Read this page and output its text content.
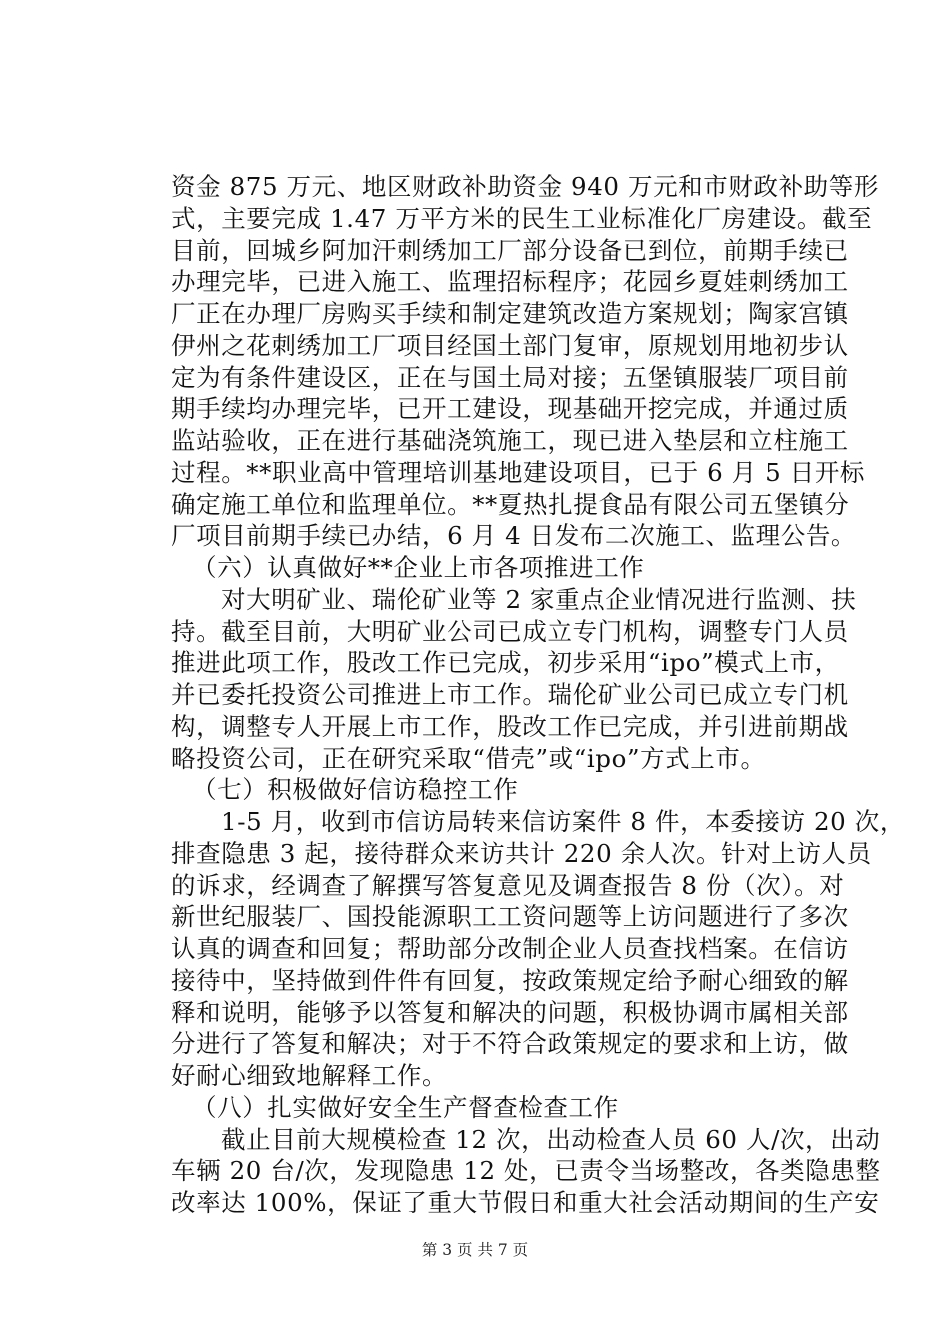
资金 875 万元、地区财政补助资金 940 万元和市财政补助等形
式，主要完成 1.47 万平方米的民生工业标准化厂房建设。截至
目前，回城乡阿加汗刺绣加工厂部分设备已到位，前期手续已
办理完毕，已进入施工、监理招标程序；花园乡夏娃刺绣加工
厂正在办理厂房购买手续和制定建筑改造方案规划；陶家宫镇
伊州之花刺绣加工厂项目经国土部门复审，原规划用地初步认
定为有条件建设区，正在与国土局对接；五堡镇服装厂项目前
期手续均办理完毕，已开工建设，现基础开挖完成，并通过质
监站验收，正在进行基础浇筑施工，现已进入垫层和立柱施工
过程。**职业高中管理培训基地建设项目，已于 6 月 5 日开标
确定施工单位和监理单位。**夏热扎提食品有限公司五堡镇分
厂项目前期手续已办结，6 月 4 日发布二次施工、监理公告。
（六）认真做好**企业上市各项推进工作
对大明矿业、瑞伦矿业等 2 家重点企业情况进行监测、扶
持。截至目前，大明矿业公司已成立专门机构，调整专门人员
推进此项工作，股改工作已完成，初步采用“ipo”模式上市，
并已委托投资公司推进上市工作。瑞伦矿业公司已成立专门机
构，调整专人开展上市工作，股改工作已完成，并引进前期战
略投资公司，正在研究采取“借壳”或“ipo”方式上市。
（七）积极做好信访稳控工作
1-5 月，收到市信访局转来信访案件 8 件，本委接访 20 次，
排查隐患 3 起，接待群众来访共计 220 余人次。针对上访人员
的诉求，经调查了解撰写答复意见及调查报告 8 份（次）。对
新世纪服装厂、国投能源职工工资问题等上访问题进行了多次
认真的调查和回复；帮助部分改制企业人员查找档案。在信访
接待中，坚持做到件件有回复，按政策规定给予耐心细致的解
释和说明，能够予以答复和解决的问题，积极协调市属相关部
分进行了答复和解决；对于不符合政策规定的要求和上访，做
好耐心细致地解释工作。
（八）扎实做好安全生产督查检查工作
截止目前大规模检查 12 次，出动检查人员 60 人/次，出动
车辆 20 台/次，发现隐患 12 处，已责令当场整改，各类隐患整
改率达 100%，保证了重大节假日和重大社会活动期间的生产安
第 3 页 共 7 页
